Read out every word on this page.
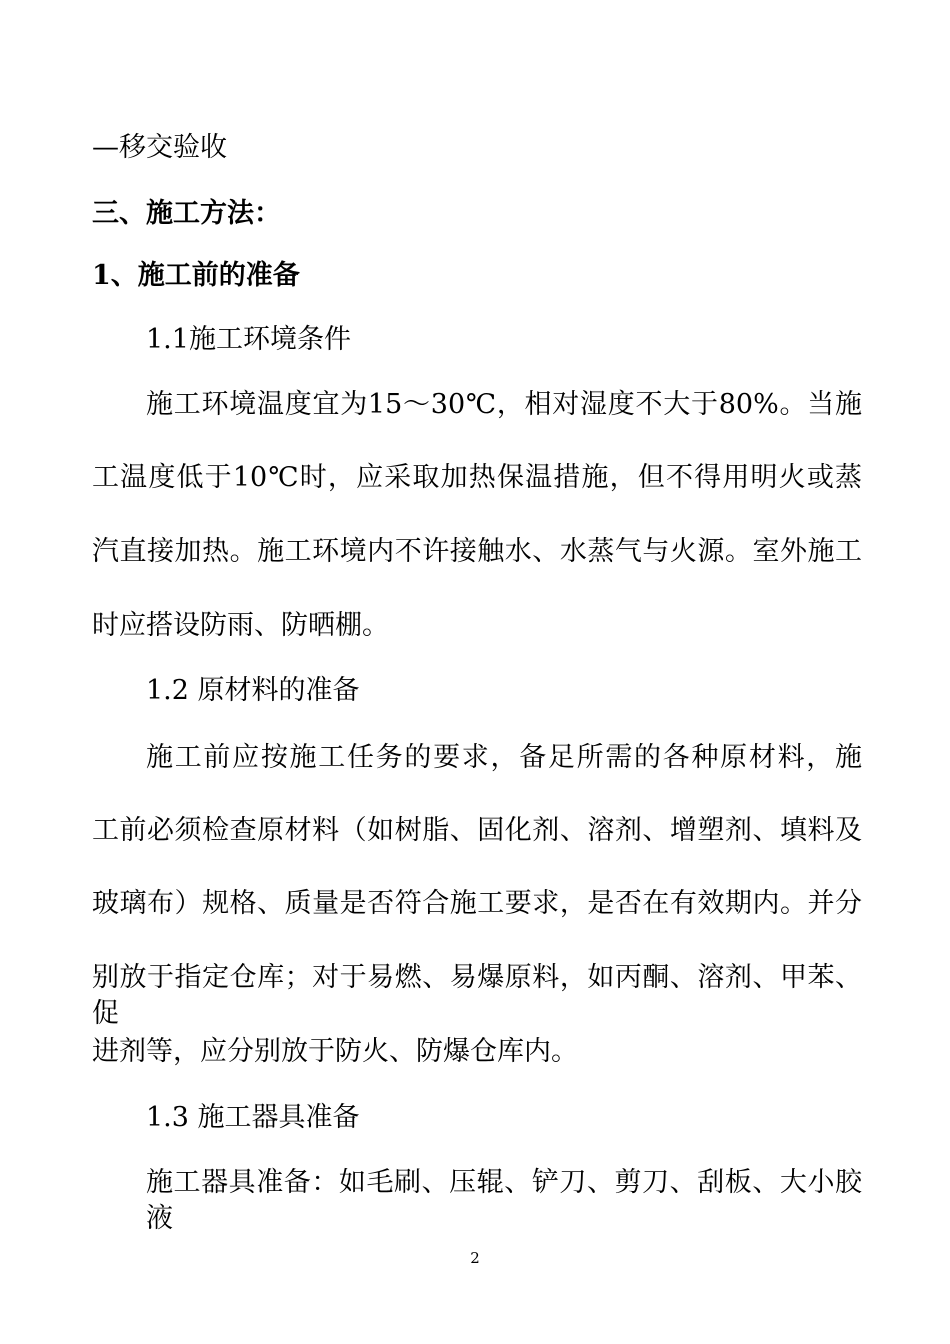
—移交验收
三、施工方法：
1、施工前的准备
1.1施工环境条件
施工环境温度宜为15～30℃，相对湿度不大于80%。当施
工温度低于10℃时，应采取加热保温措施，但不得用明火或蒸
汽直接加热。施工环境内不许接触水、水蒸气与火源。室外施工
时应搭设防雨、防晒棚。
1.2 原材料的准备
施工前应按施工任务的要求，备足所需的各种原材料，施
工前必须检查原材料（如树脂、固化剂、溶剂、增塑剂、填料及
玻璃布）规格、质量是否符合施工要求，是否在有效期内。并分
别放于指定仓库；对于易燃、易爆原料，如丙酮、溶剂、甲苯、促
进剂等，应分别放于防火、防爆仓库内。
1.3 施工器具准备
施工器具准备：如毛刷、压辊、铲刀、剪刀、刮板、大小胶液
2
